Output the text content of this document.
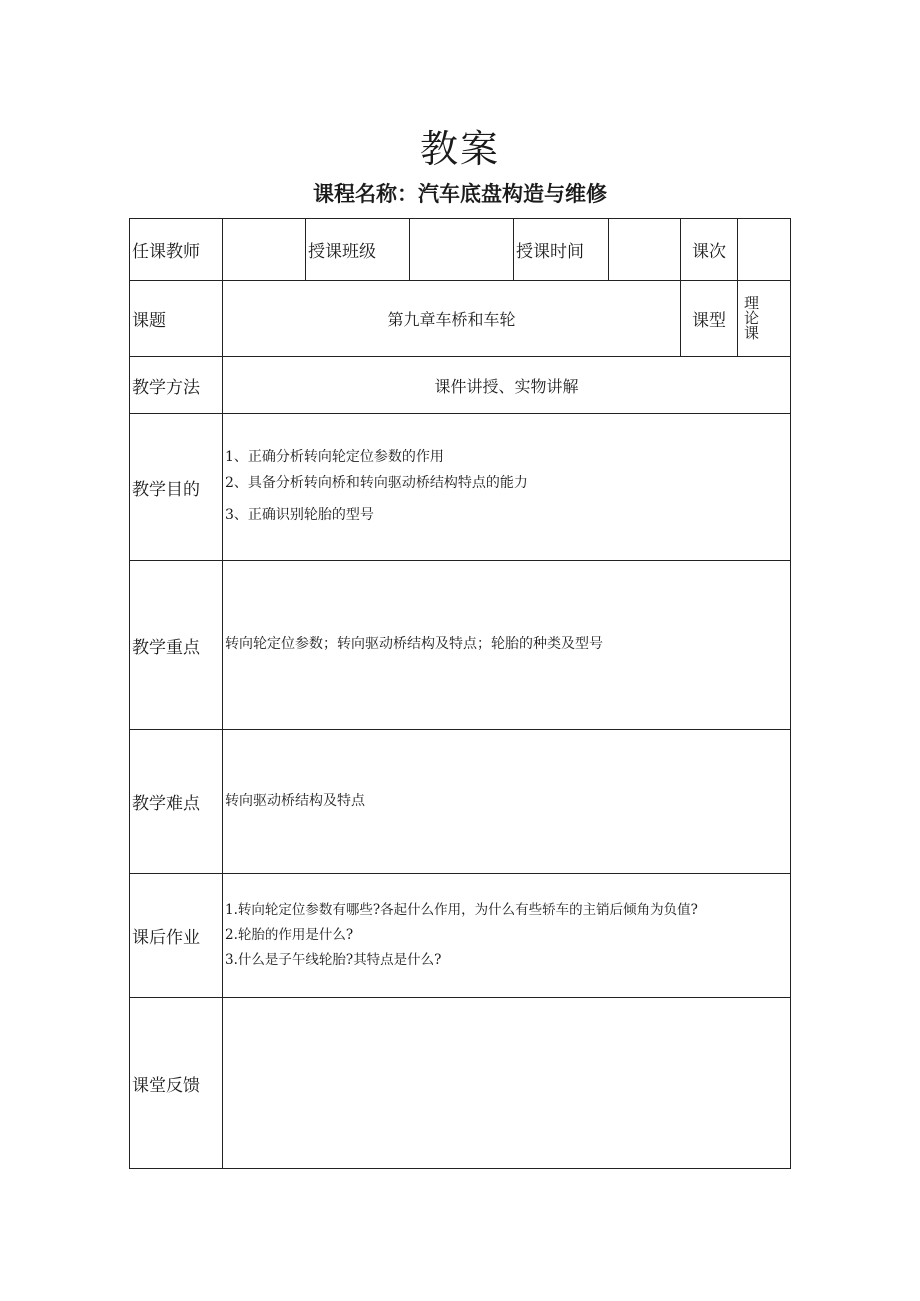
教案
课程名称：汽车底盘构造与维修
任课教师		授课班级		授课时间		课次	
课题	第九章车桥和车轮					课型	理
论
课

教学方法	课件讲授、实物讲解						
教学目的	1、正确分析转向轮定位参数的作用
2、具备分析转向桥和转向驱动桥结构特点的能力
3、正确识别轮胎的型号						

教学重点	转向轮定位参数；转向驱动桥结构及特点；轮胎的种类及型号						
教学难点	转向驱动桥结构及特点						
课后作业	1.转向轮定位参数有哪些?各起什么作用，为什么有些轿车的主销后倾角为负值?
2.轮胎的作用是什么?
3.什么是子午线轮胎?其特点是什么?						

课堂反馈							
